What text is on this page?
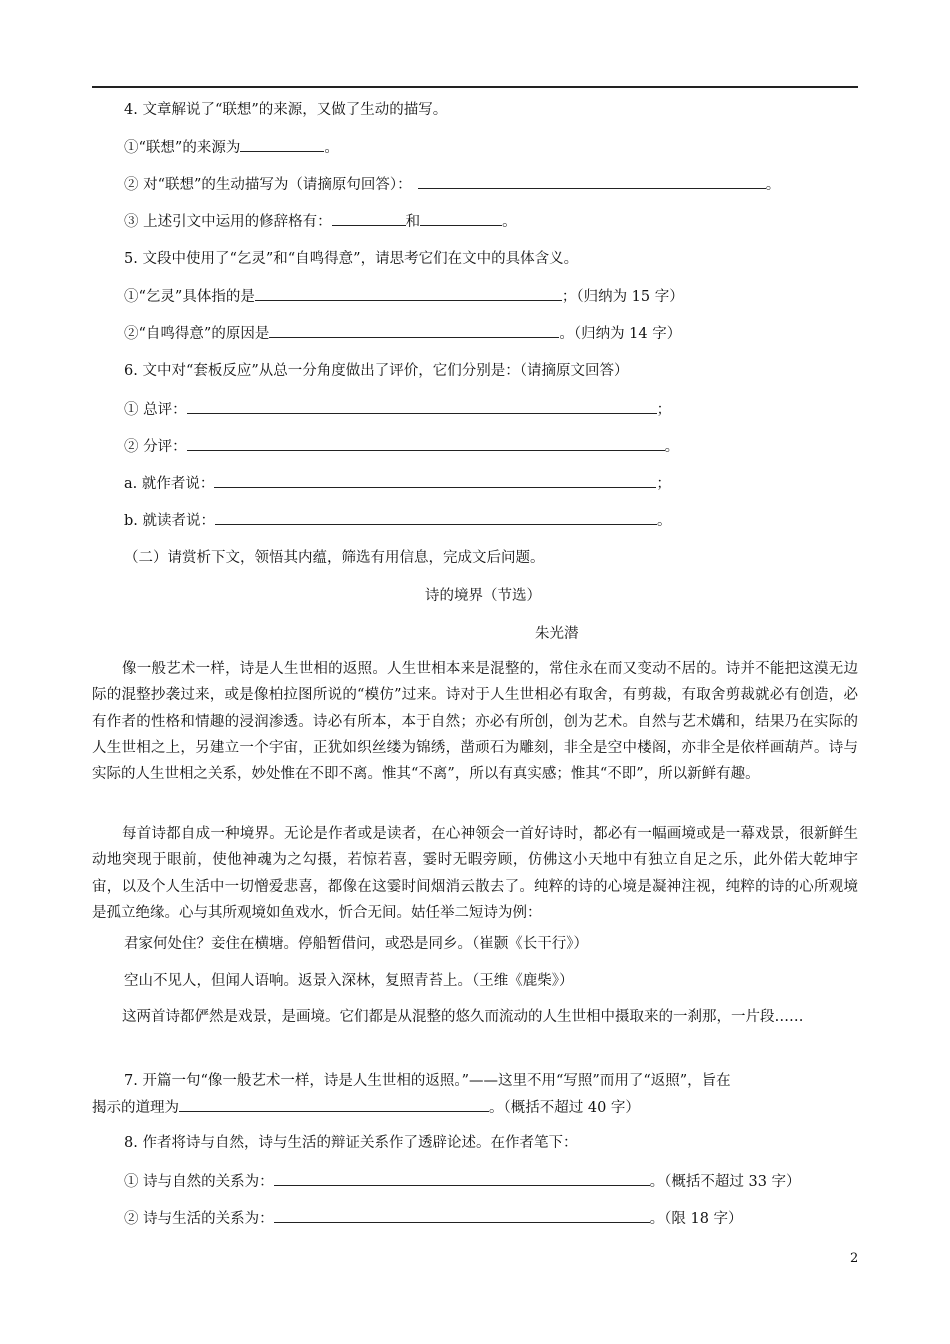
4. 文章解说了“联想”的来源，又做了生动的描写。
①“联想”的来源为	。
② 对“联想”的生动描写为（请摘原句回答）：	。
③ 上述引文中运用的修辞格有：	和	。
5. 文段中使用了“乞灵”和“自鸣得意”，请思考它们在文中的具体含义。
①“乞灵”具体指的是	；（归纳为 15 字）
②“自鸣得意”的原因是	。（归纳为 14 字）
6. 文中对“套板反应”从总一分角度做出了评价，它们分别是：（请摘原文回答）
① 总评：	；
② 分评：	。
a. 就作者说：	；
b. 就读者说：	。
（二）请赏析下文，领悟其内蕴，筛选有用信息，完成文后问题。
诗的境界（节选）
朱光潜
像一般艺术一样，诗是人生世相的返照。人生世相本来是混整的，常住永在而又变动不居的。诗并不能把这漠无边际的混整抄袭过来，或是像柏拉图所说的“模仿”过来。诗对于人生世相必有取舍，有剪裁，有取舍剪裁就必有创造，必有作者的性格和情趣的浸润渗透。诗必有所本，本于自然；亦必有所创，创为艺术。自然与艺术媾和，结果乃在实际的人生世相之上，另建立一个宇宙，正犹如织丝缕为锦绣，凿顽石为雕刻，非全是空中楼阁，亦非全是依样画葫芦。诗与实际的人生世相之关系，妙处惟在不即不离。惟其“不离”，所以有真实感；惟其“不即”，所以新鲜有趣。
每首诗都自成一种境界。无论是作者或是读者，在心神领会一首好诗时，都必有一幅画境或是一幕戏景，很新鲜生动地突现于眼前，使他神魂为之勾摄，若惊若喜，霎时无暇旁顾，仿佛这小天地中有独立自足之乐，此外偌大乾坤宇宙，以及个人生活中一切憎爱悲喜，都像在这霎时间烟消云散去了。纯粹的诗的心境是凝神注视，纯粹的诗的心所观境是孤立绝缘。心与其所观境如鱼戏水，忻合无间。姑任举二短诗为例：
君家何处住？妾住在横塘。停船暂借问，或恐是同乡。（崔颢《长干行》）
空山不见人，但闻人语响。返景入深林，复照青苔上。（王维《鹿柴》）
这两首诗都俨然是戏景，是画境。它们都是从混整的悠久而流动的人生世相中摄取来的一刹那，一片段……
7. 开篇一句“像一般艺术一样，诗是人生世相的返照。”——这里不用“写照”而用了“返照”，旨在
揭示的道理为	。（概括不超过 40 字）
8. 作者将诗与自然，诗与生活的辩证关系作了透辟论述。在作者笔下：
① 诗与自然的关系为：	。（概括不超过 33 字）
② 诗与生活的关系为：	。（限 18 字）
2
